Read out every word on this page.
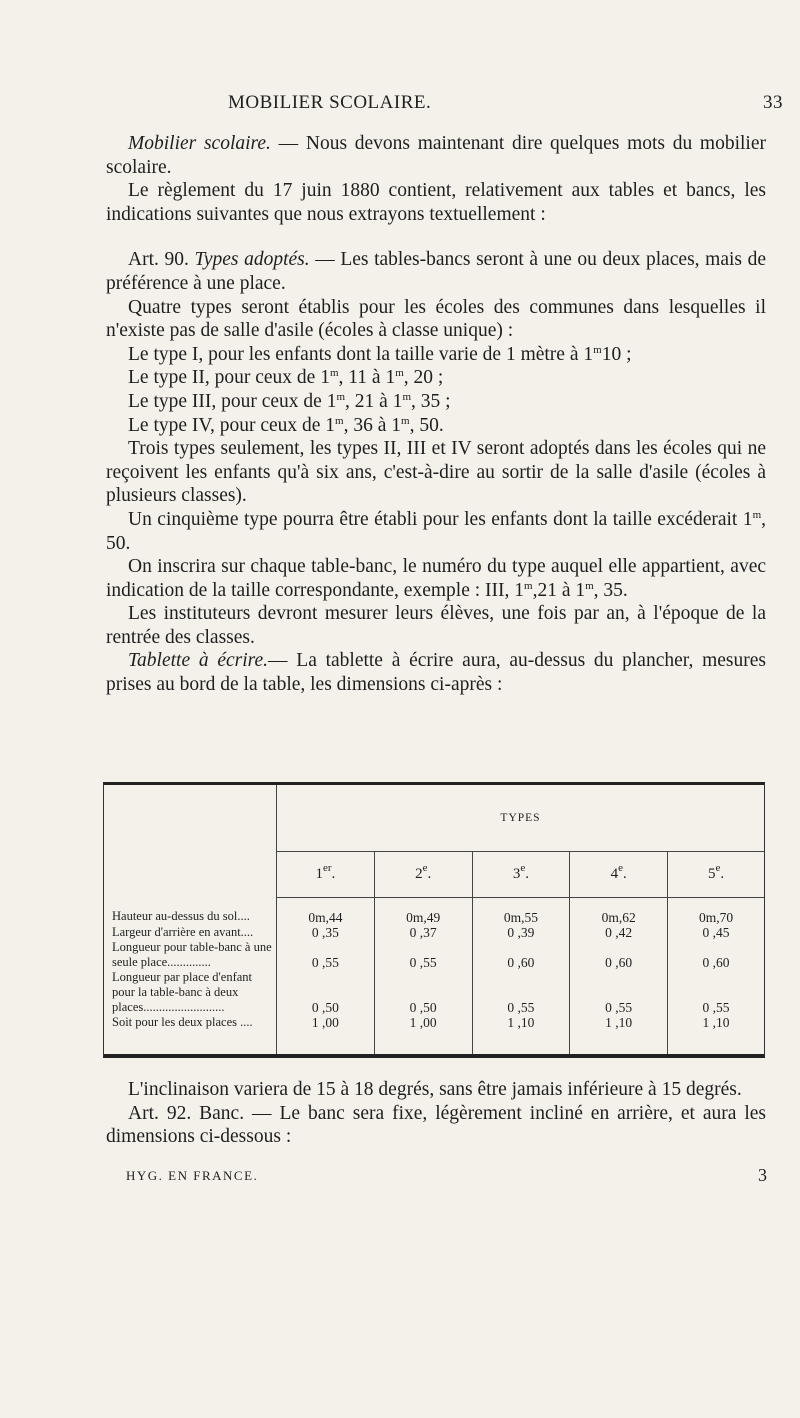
MOBILIER SCOLAIRE.	33

Mobilier scolaire. — Nous devons maintenant dire quelques mots du mobilier scolaire.

Le règlement du 17 juin 1880 contient, relativement aux tables et bancs, les indications suivantes que nous extrayons textuellement :

Art. 90. Types adoptés. — Les tables-bancs seront à une ou deux places, mais de préférence à une place.

Quatre types seront établis pour les écoles des communes dans lesquelles il n'existe pas de salle d'asile (écoles à classe unique) :

Le type I, pour les enfants dont la taille varie de 1 mètre à 1$^m$10 ;

Le type II, pour ceux de 1$^m$, 11 à 1$^m$, 20 ;

Le type III, pour ceux de 1$^m$, 21 à 1$^m$, 35 ;

Le type IV, pour ceux de 1$^m$, 36 à 1$^m$, 50.

Trois types seulement, les types II, III et IV seront adoptés dans les écoles qui ne reçoivent les enfants qu'à six ans, c'est-à-dire au sortir de la salle d'asile (écoles à plusieurs classes).

Un cinquième type pourra être établi pour les enfants dont la taille excéderait 1$^m$, 50.

On inscrira sur chaque table-banc, le numéro du type auquel elle appartient, avec indication de la taille correspondante, exemple : III, 1$^m$,21 à 1$^m$, 35.

Les instituteurs devront mesurer leurs élèves, une fois par an, à l'époque de la rentrée des classes.

Tablette à écrire.— La tablette à écrire aura, au-dessus du plancher, mesures prises au bord de la table, les dimensions ci-après :

	TYPES				
	1er.	2e.	3e.	4e.	5e.
Hauteur au-dessus du sol....	0m,44	0m,49	0m,55	0m,62	0m,70
Largeur d'arrière en avant....	0 ,35	0 ,37	0 ,39	0 ,42	0 ,45
Longueur pour table-banc à une seule place..............	0 ,55	0 ,55	0 ,60	0 ,60	0 ,60
Longueur par place d'enfant pour la table-banc à deux places..........................	0 ,50	0 ,50	0 ,55	0 ,55	0 ,55
Soit pour les deux places ....	1 ,00	1 ,00	1 ,10	1 ,10	1 ,10

L'inclinaison variera de 15 à 18 degrés, sans être jamais inférieure à 15 degrés.

Art. 92. Banc. — Le banc sera fixe, légèrement incliné en arrière, et aura les dimensions ci-dessous :

HYG. EN FRANCE.	3
